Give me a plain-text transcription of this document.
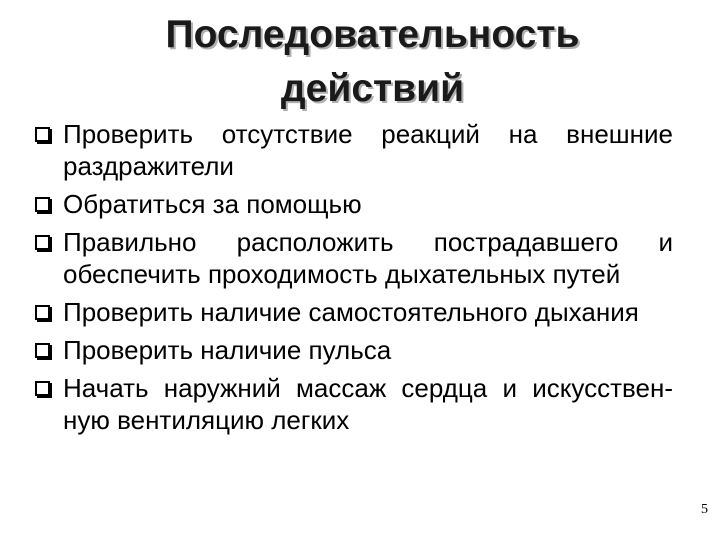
Последовательность действий
Проверить отсутствие реакций на внешние раздражители
Обратиться за помощью
Правильно расположить пострадавшего и обеспечить проходимость дыхательных путей
Проверить наличие самостоятельного дыхания
Проверить наличие пульса
Начать наружний массаж сердца и искусствен-ную вентиляцию легких
5
